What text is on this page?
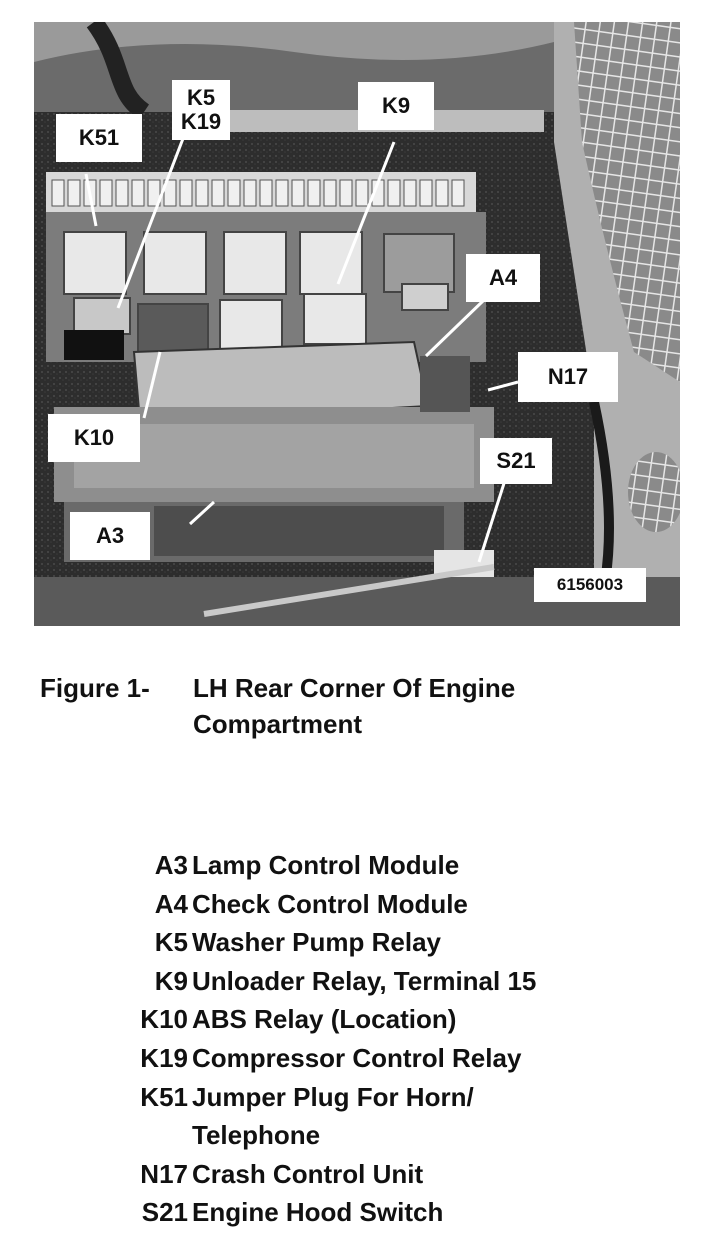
K51
K5
K19
K9
A4
N17
K10
S21
A3
6156003
Figure 1- LH Rear Corner Of Engine Compartment
A3 Lamp Control Module
A4 Check Control Module
K5 Washer Pump Relay
K9 Unloader Relay, Terminal 15
K10 ABS Relay (Location)
K19 Compressor Control Relay
K51 Jumper Plug For Horn/ Telephone
N17 Crash Control Unit
S21 Engine Hood Switch
